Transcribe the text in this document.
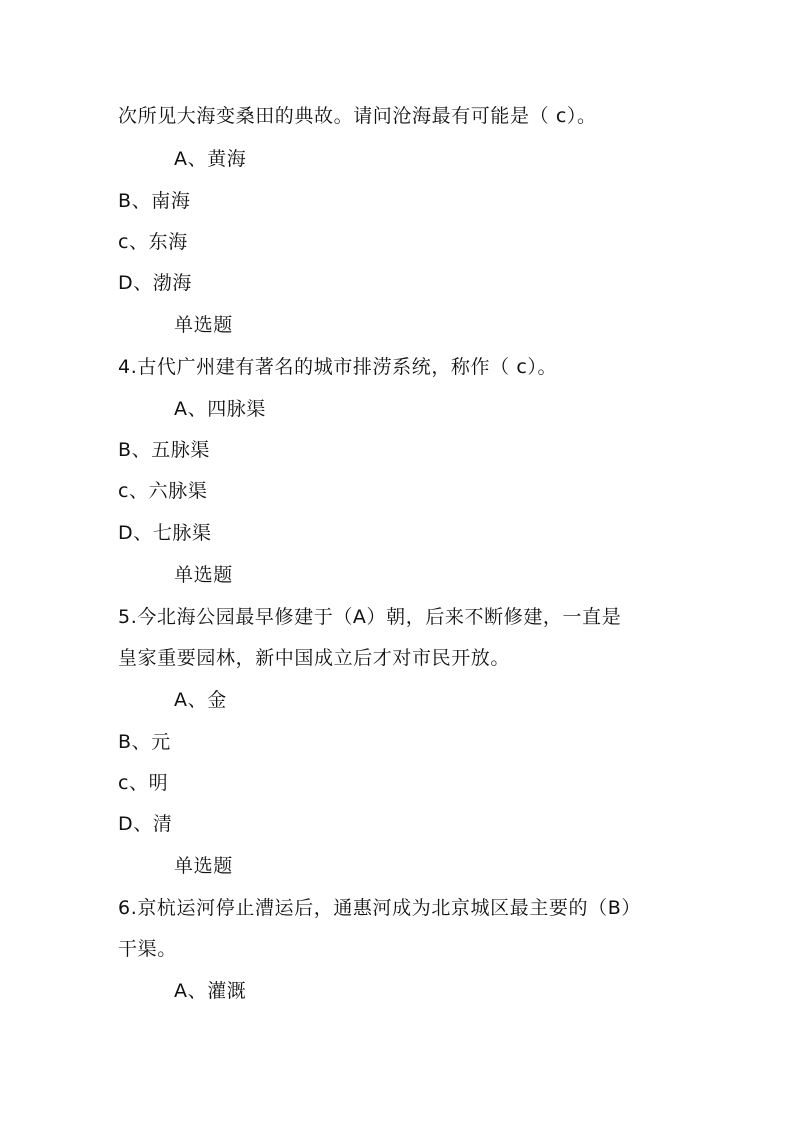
次所见大海变桑田的典故。请问沧海最有可能是（ c）。
A、黄海
B、南海
c、东海
D、渤海
单选题
4.古代广州建有著名的城市排涝系统，称作（ c）。
A、四脉渠
B、五脉渠
c、六脉渠
D、七脉渠
单选题
5.今北海公园最早修建于（A）朝，后来不断修建，一直是
皇家重要园林，新中国成立后才对市民开放。
A、金
B、元
c、明
D、清
单选题
6.京杭运河停止漕运后，通惠河成为北京城区最主要的（B）
干渠。
A、灌溉
